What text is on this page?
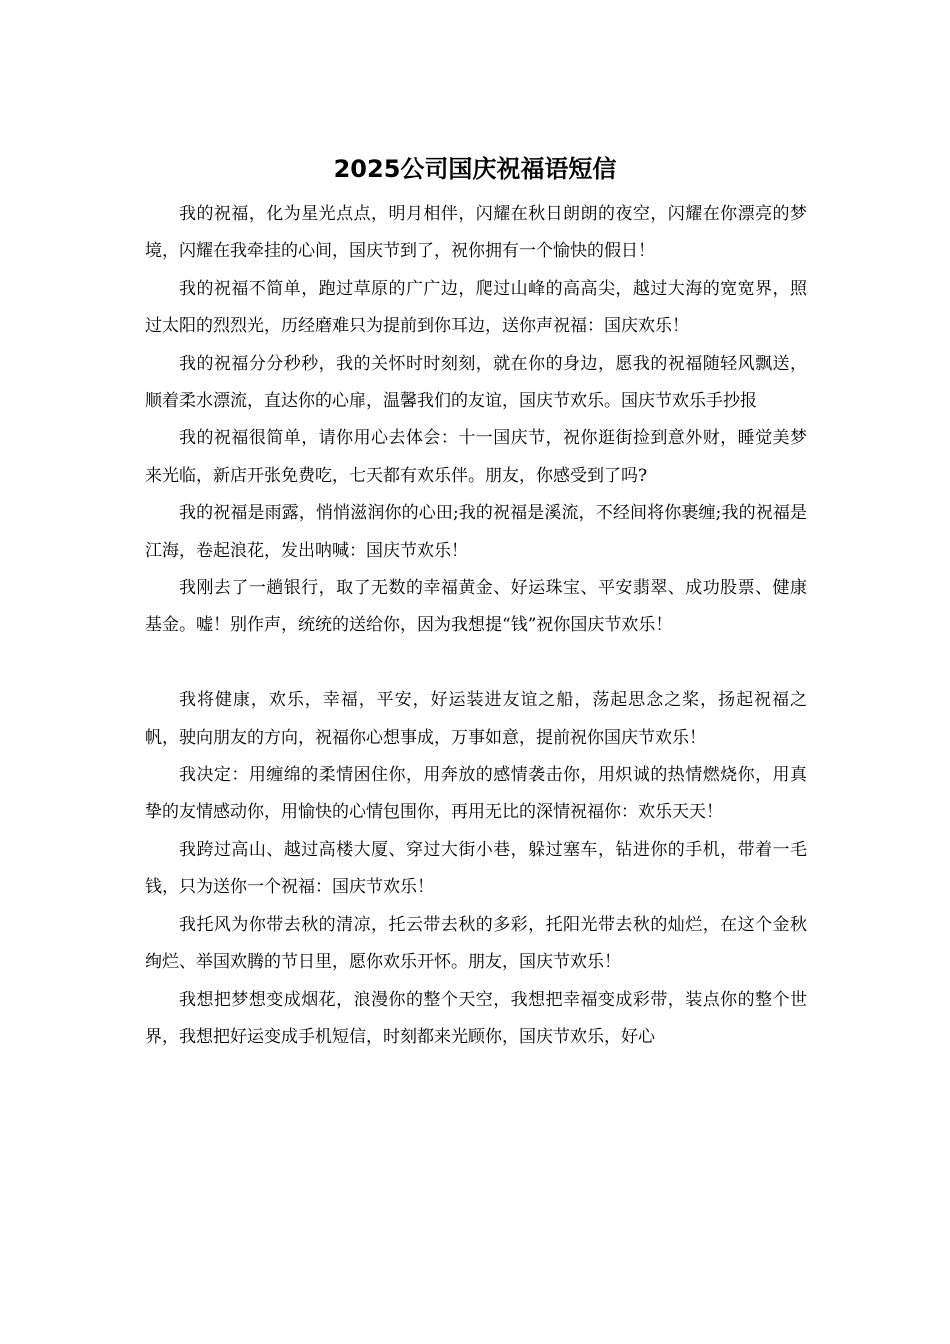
2025公司国庆祝福语短信

我的祝福，化为星光点点，明月相伴，闪耀在秋日朗朗的夜空，闪耀在你漂亮的梦境，闪耀在我牵挂的心间，国庆节到了，祝你拥有一个愉快的假日！

我的祝福不简单，跑过草原的广广边，爬过山峰的高高尖，越过大海的宽宽界，照过太阳的烈烈光，历经磨难只为提前到你耳边，送你声祝福：国庆欢乐！

我的祝福分分秒秒，我的关怀时时刻刻，就在你的身边，愿我的祝福随轻风飘送，顺着柔水漂流，直达你的心扉，温馨我们的友谊，国庆节欢乐。国庆节欢乐手抄报

我的祝福很简单，请你用心去体会：十一国庆节，祝你逛街捡到意外财，睡觉美梦来光临，新店开张免费吃，七天都有欢乐伴。朋友，你感受到了吗?

我的祝福是雨露，悄悄滋润你的心田;我的祝福是溪流，不经间将你裹缠;我的祝福是江海，卷起浪花，发出呐喊：国庆节欢乐！

我刚去了一趟银行，取了无数的幸福黄金、好运珠宝、平安翡翠、成功股票、健康基金。嘘！别作声，统统的送给你，因为我想提“钱”祝你国庆节欢乐！

我将健康，欢乐，幸福，平安，好运装进友谊之船，荡起思念之桨，扬起祝福之帆，驶向朋友的方向，祝福你心想事成，万事如意，提前祝你国庆节欢乐！

我决定：用缠绵的柔情困住你，用奔放的感情袭击你，用炽诚的热情燃烧你，用真挚的友情感动你，用愉快的心情包围你，再用无比的深情祝福你：欢乐天天！

我跨过高山、越过高楼大厦、穿过大街小巷，躲过塞车，钻进你的手机，带着一毛钱，只为送你一个祝福：国庆节欢乐！

我托风为你带去秋的清凉，托云带去秋的多彩，托阳光带去秋的灿烂，在这个金秋绚烂、举国欢腾的节日里，愿你欢乐开怀。朋友，国庆节欢乐！

我想把梦想变成烟花，浪漫你的整个天空，我想把幸福变成彩带，装点你的整个世界，我想把好运变成手机短信，时刻都来光顾你，国庆节欢乐，好心
